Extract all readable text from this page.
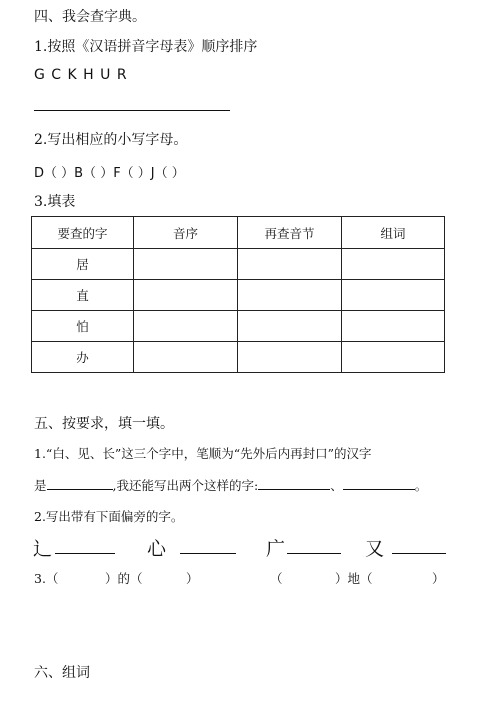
四、我会查字典。
1.按照《汉语拼音字母表》顺序排序
G C K H U R
2.写出相应的小写字母。
D（ ）B（ ）F（ ）J（ ）
3.填表
要查的字	音序	再查音节	组词
居			
直			
怕			
办			
五、按要求，填一填。
1.“白、见、长”这三个字中，笔顺为“先外后内再封口”的汉字
是	,我还能写出两个这样的字:	、	。
2.写出带有下面偏旁的字。
辶	心	广	又
3.（	）的（	）	（	）地（	）
六、组词
